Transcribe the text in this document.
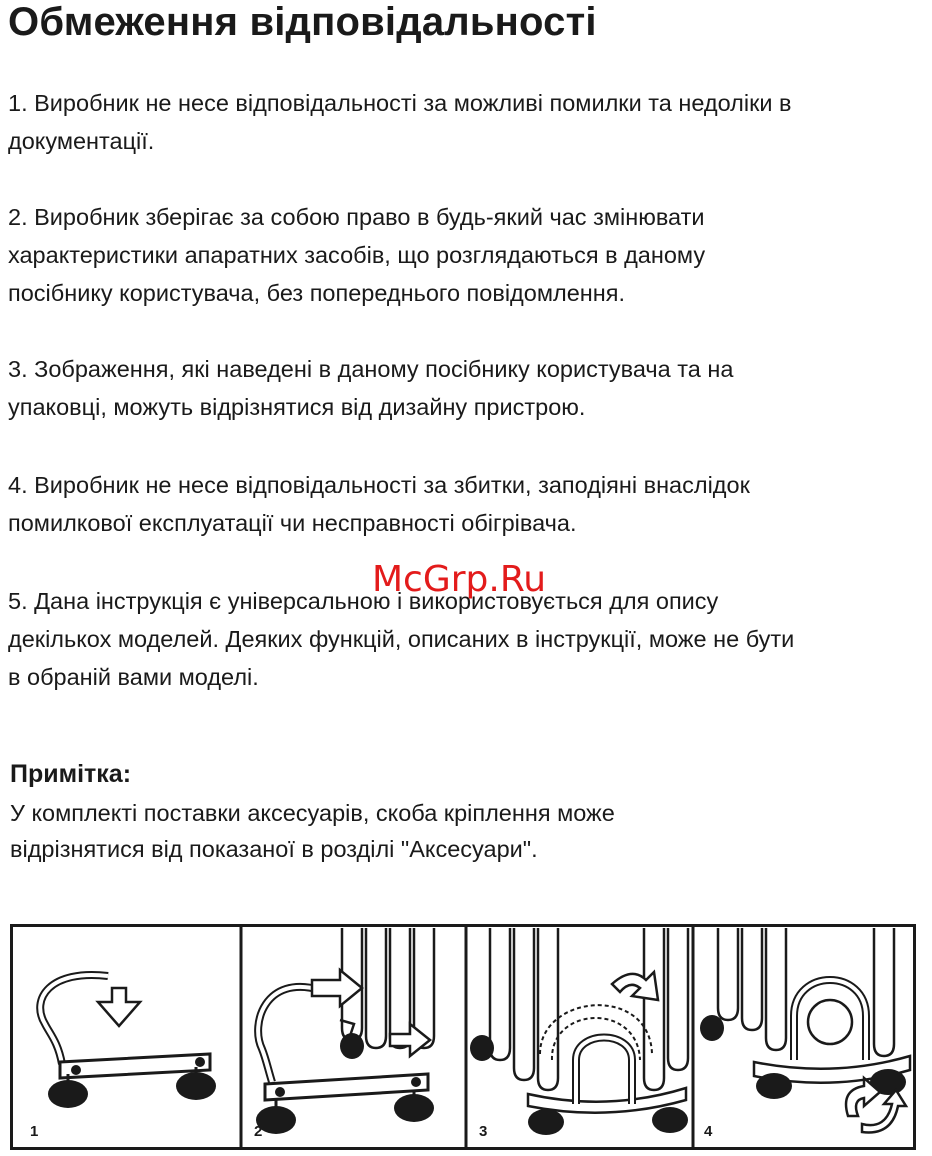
Обмеження відповідальності

1. Виробник не несе відповідальності за можливі помилки та недоліки в
документації.

2. Виробник зберігає за собою право в будь-який час змінювати
характеристики апаратних засобів, що розглядаються в даному
посібнику користувача, без попереднього повідомлення.

3. Зображення, які наведені в даному посібнику користувача та на
упаковці, можуть відрізнятися від дизайну пристрою.

4. Виробник не несе відповідальності за збитки, заподіяні внаслідок
помилкової експлуатації чи несправності обігрівача.

5. Дана інструкція є універсальною і використовується для опису
декількох моделей. Деяких функцій, описаних в інструкції, може не бути
в обраній вами моделі.

McGrp.Ru
Примітка:

У комплекті поставки аксесуарів, скоба кріплення може
відрізнятися від показаної в розділі "Аксесуари".

1	2	3	4
